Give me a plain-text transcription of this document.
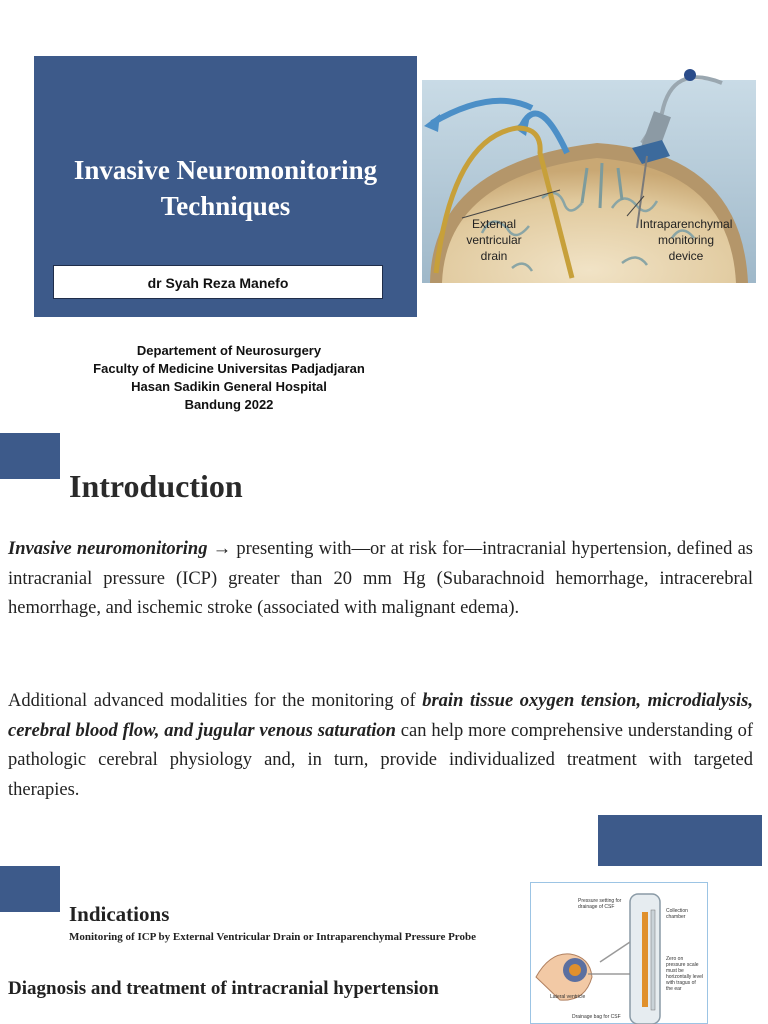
Invasive Neuromonitoring
Techniques
dr Syah Reza Manefo
Departement of Neurosurgery
Faculty of Medicine Universitas Padjadjaran
Hasan Sadikin General Hospital
Bandung 2022
External
ventricular
drain
Intraparenchymal
monitoring
device
Introduction
Invasive neuromonitoring → presenting with—or at risk for—intracranial hypertension, defined as intracranial pressure (ICP) greater than 20 mm Hg (Subarachnoid hemorrhage, intracerebral hemorrhage, and ischemic stroke (associated with malignant edema).
Additional advanced modalities for the monitoring of brain tissue oxygen tension, microdialysis, cerebral blood flow, and jugular venous saturation can help more comprehensive understanding of pathologic cerebral physiology and, in turn, provide individualized treatment with targeted therapies.
Indications
Monitoring of ICP by External Ventricular Drain or Intraparenchymal Pressure Probe
Diagnosis and treatment of intracranial hypertension
Pressure setting for
drainage of CSF
Collection
chamber
Zero on
pressure scale
must be
horizontally level
with tragus of
the ear
Lateral ventricle
Drainage bag for CSF
